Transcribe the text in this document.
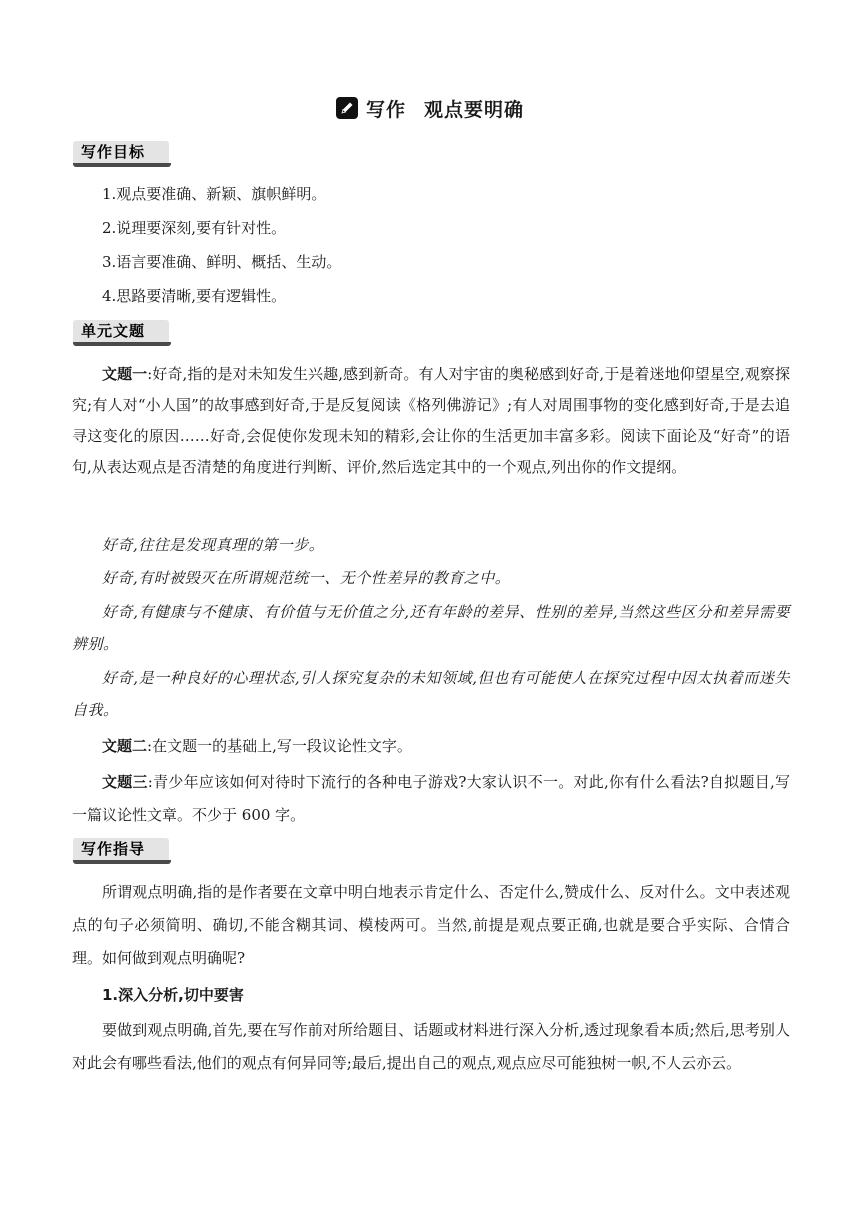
写作 观点要明确
写作目标

1.观点要准确、新颖、旗帜鲜明。

2.说理要深刻,要有针对性。

3.语言要准确、鲜明、概括、生动。

4.思路要清晰,要有逻辑性。

单元文题

文题一:好奇,指的是对未知发生兴趣,感到新奇。有人对宇宙的奥秘感到好奇,于是着迷地仰望星空,观察探究;有人对“小人国”的故事感到好奇,于是反复阅读《格列佛游记》;有人对周围事物的变化感到好奇,于是去追寻这变化的原因……好奇,会促使你发现未知的精彩,会让你的生活更加丰富多彩。阅读下面论及“好奇”的语句,从表达观点是否清楚的角度进行判断、评价,然后选定其中的一个观点,列出你的作文提纲。

好奇,往往是发现真理的第一步。

好奇,有时被毁灭在所谓规范统一、无个性差异的教育之中。

好奇,有健康与不健康、有价值与无价值之分,还有年龄的差异、性别的差异,当然这些区分和差异需要辨别。

好奇,是一种良好的心理状态,引人探究复杂的未知领域,但也有可能使人在探究过程中因太执着而迷失自我。

文题二:在文题一的基础上,写一段议论性文字。

文题三:青少年应该如何对待时下流行的各种电子游戏?大家认识不一。对此,你有什么看法?自拟题目,写一篇议论性文章。不少于 600 字。

写作指导

所谓观点明确,指的是作者要在文章中明白地表示肯定什么、否定什么,赞成什么、反对什么。文中表述观点的句子必须简明、确切,不能含糊其词、模棱两可。当然,前提是观点要正确,也就是要合乎实际、合情合理。如何做到观点明确呢?

1.深入分析,切中要害

要做到观点明确,首先,要在写作前对所给题目、话题或材料进行深入分析,透过现象看本质;然后,思考别人对此会有哪些看法,他们的观点有何异同等;最后,提出自己的观点,观点应尽可能独树一帜,不人云亦云。
